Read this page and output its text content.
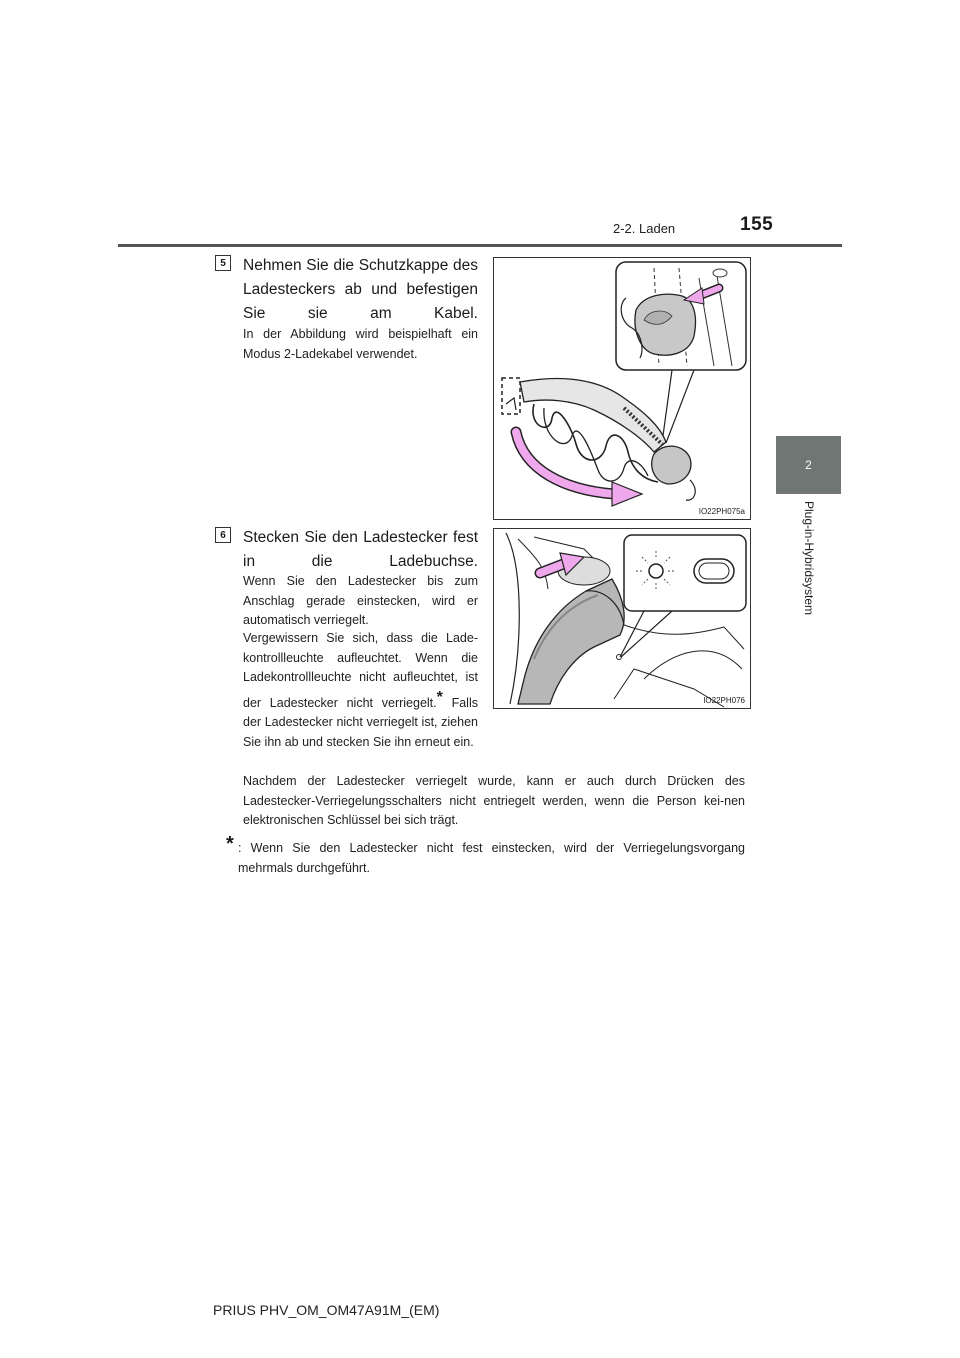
2-2. Laden	155
2
Plug-in-Hybridsystem
5	Nehmen Sie die Schutzkappe des Ladesteckers ab und befestigen Sie sie am Kabel.
In der Abbildung wird beispielhaft ein Modus 2-Ladekabel verwendet.
IO22PH075a
6	Stecken Sie den Ladestecker fest in die Ladebuchse.
Wenn Sie den Ladestecker bis zum Anschlag gerade einstecken, wird er automatisch verriegelt.
Vergewissern Sie sich, dass die Lade-kontrollleuchte aufleuchtet. Wenn die Ladekontrollleuchte nicht aufleuchtet, ist der Ladestecker nicht verriegelt.* Falls der Ladestecker nicht verriegelt ist, ziehen Sie ihn ab und stecken Sie ihn erneut ein.
IO22PH076
Nachdem der Ladestecker verriegelt wurde, kann er auch durch Drücken des Ladestecker-Verriegelungsschalters nicht entriegelt werden, wenn die Person kei-nen elektronischen Schlüssel bei sich trägt.
* : Wenn Sie den Ladestecker nicht fest einstecken, wird der Verriegelungsvorgang mehrmals durchgeführt.
PRIUS PHV_OM_OM47A91M_(EM)
